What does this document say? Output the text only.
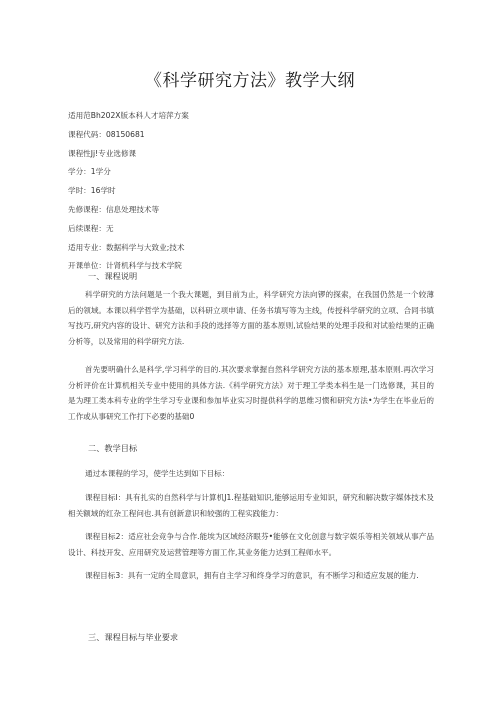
《科学研究方法》教学大纲
适用范Bh202X版本科人才培萍方案
课程代码：08150681
课程性Jj!专业选修课
学分：1学分
学时：16学时
先修课程：信息处理技术等
后续课程：无
适用专业：数据科学与大致业;技术
开课单位：计肾机科学与技术学院
一、课程说明

科学研究的方法问题是一个我大课题，到目前为止，科学研究方法向锣的探索，在我国仍然是一个较薄后的领域。本课以科学哲学为基础，以科研立项申请、任务书填写等为主线，传授科学研究的立项、合同书填写技巧,研究内容的设计、研究方法和手段的选择等方面的基本原则,试验结果的处理手段和对试验结果的正确分析等，以及常用的科学研究方法.

首先要明确什么是科学,学习科学的目的.其次要求掌握自然科学研究方法的基本原理,基本原则.再次学习分析评价在计算机相关专业中使用的具体方法.《科学研究方法》对于理工学类本科生是一门选修课，其目的是为理工类本科专业的学生学习专业课和参加毕业实习时提供科学的思维习惯和研究方法•为学生在毕业后的工作或从事研究工作打下必要的基础0

二、教学目标

通过本课程的学习，使学生达到如下目标：

课程目标I：具有扎实的自然科学与计算机J1.程基础知识,能够运用专业知识，研究和解决数字媒体技术及相关额域的红杂工程问也.具有创新意识和较强的工程实践能力：

课程目标2：适应社会竞争与合作.能埃为区域经济眼芬•能够在文化创意与数字娱乐等相关领域从事产品设计、科技开发、应用研究及运营管理等方面工作,其业务能力达到工程师水平。

课程目标3：具有一定的全局意识，拥有自主学习和终身学习的意识，有不断学习和适应发展的能力.

三、课程目标与毕业要求
